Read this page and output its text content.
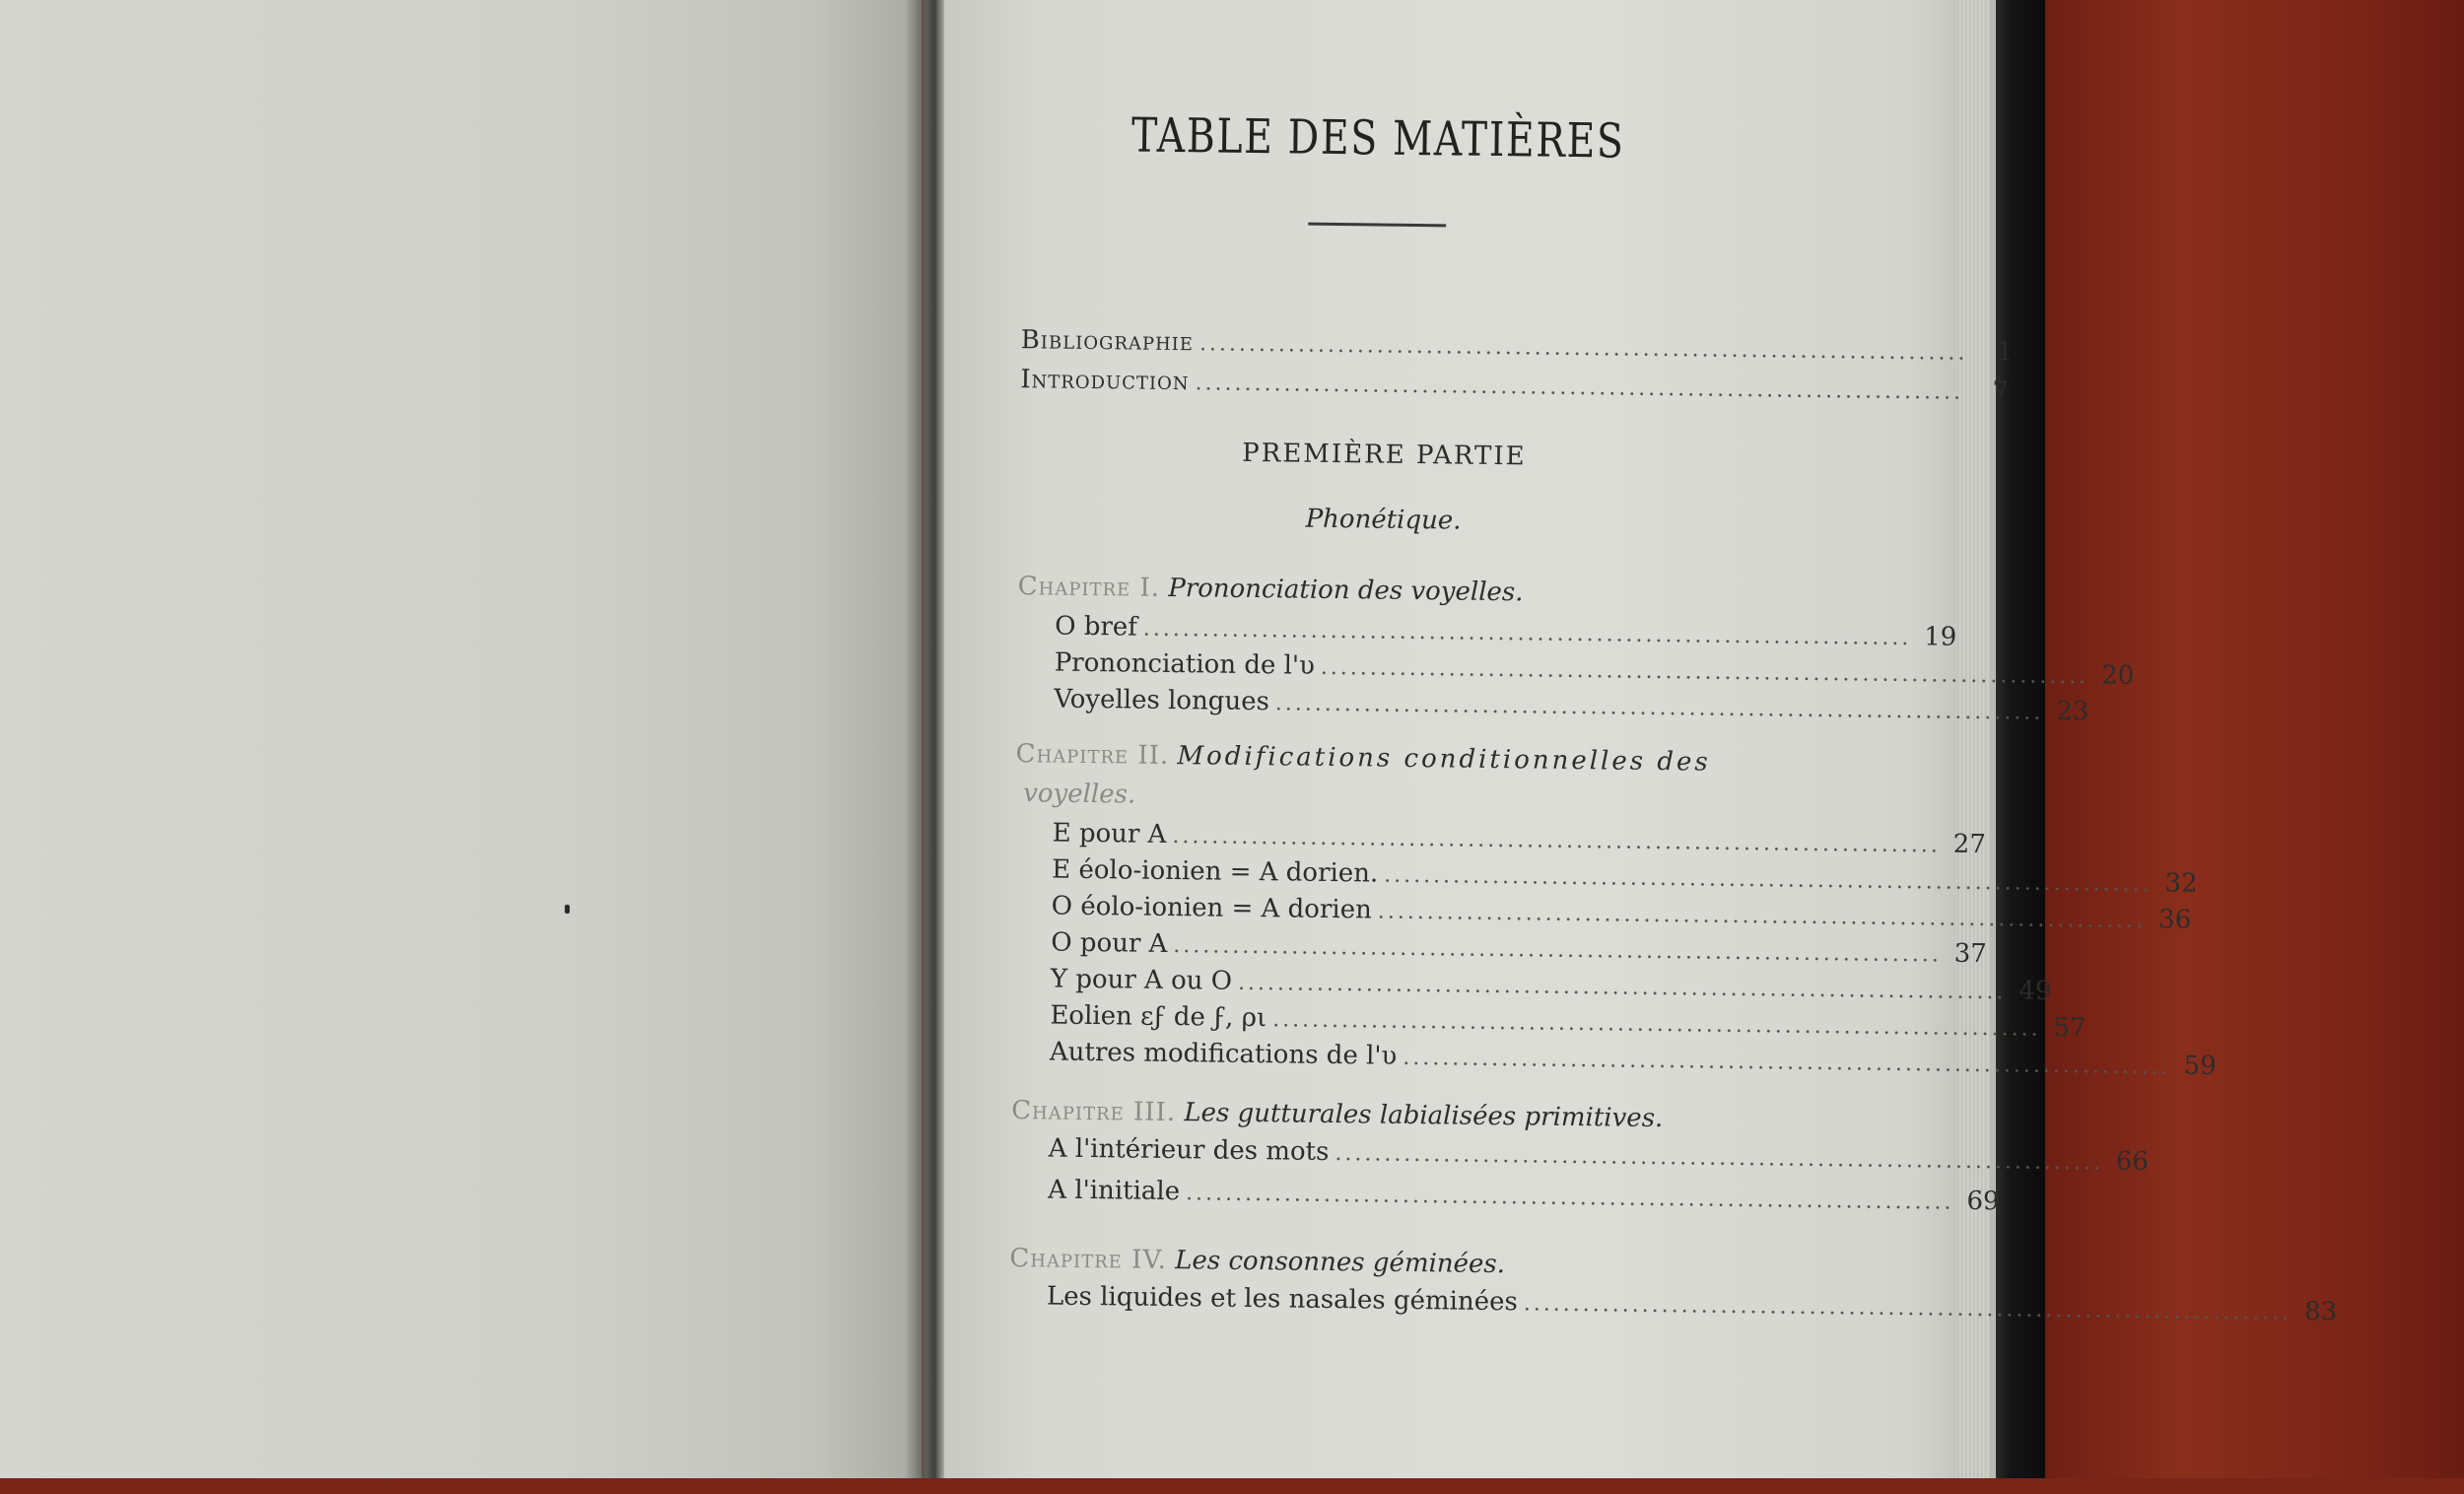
TABLE DES MATIÈRES
Bibliographie ..............................................................................	1
Introduction ..............................................................................	7
PREMIÈRE PARTIE
Phonétique.
Chapitre I. Prononciation des voyelles.
O bref .............................................................................. 19
Prononciation de l'υ .............................................................................. 20
Voyelles longues .............................................................................. 23
Chapitre II. Modifications conditionnelles des
voyelles.
E pour A .............................................................................. 27
E éolo-ionien = A dorien. .............................................................................. 32
O éolo-ionien = A dorien .............................................................................. 36
O pour A .............................................................................. 37
Υ pour A ou O .............................................................................. 49
Eolien εϝ de ϝ, ρι .............................................................................. 57
Autres modifications de l'υ .............................................................................. 59
Chapitre III. Les gutturales labialisées primitives.
A l'intérieur des mots .............................................................................. 66
A l'initiale .............................................................................. 69
Chapitre IV. Les consonnes géminées.
Les liquides et les nasales géminées .............................................................................. 83
